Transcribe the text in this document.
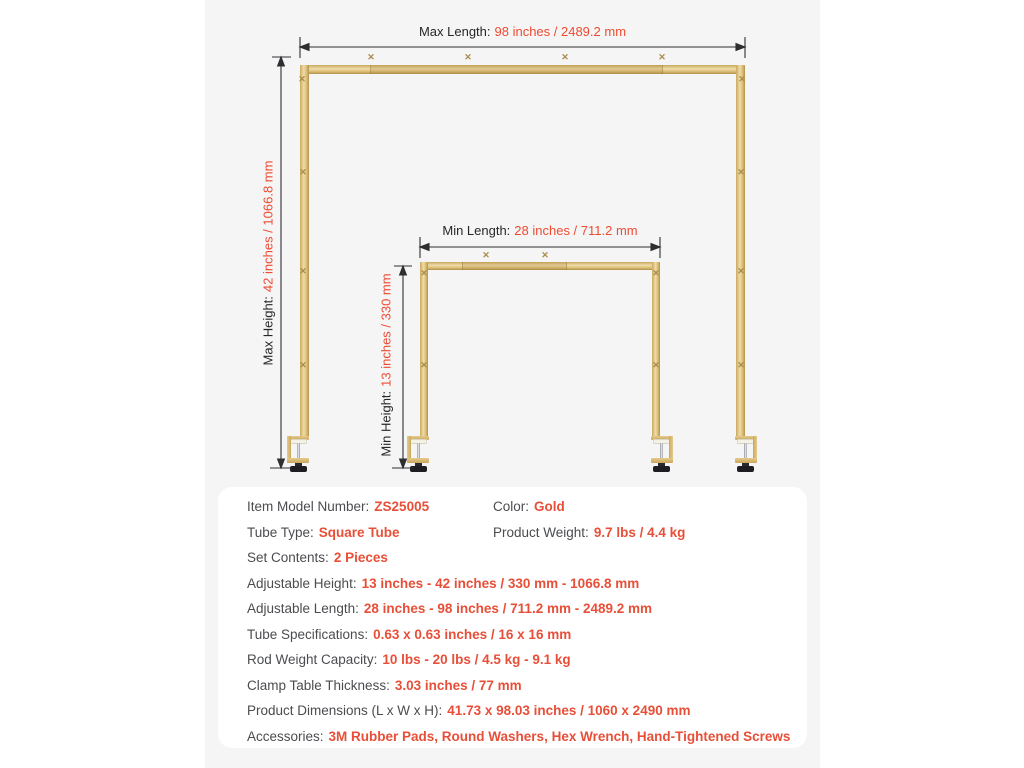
✕	✕	✕	✕
✕	✕
✕
✕
✕
✕
✕
✕
✕	✕
✕	✕
✕	✕
Max Length: 98 inches / 2489.2 mm
Max Height:42 inches / 1066.8 mm	Min Length: 28 inches / 711.2 mm
Min Height:13 inches / 330 mm
Item Model Number: ZS25005	Color: Gold
Tube Type: Square Tube	Product Weight: 9.7 lbs / 4.4 kg
Set Contents: 2 Pieces
Adjustable Height: 13 inches - 42 inches / 330 mm - 1066.8 mm
Adjustable Length: 28 inches - 98 inches / 711.2 mm - 2489.2 mm
Tube Specifications: 0.63 x 0.63 inches / 16 x 16 mm
Rod Weight Capacity: 10 lbs - 20 lbs / 4.5 kg - 9.1 kg
Clamp Table Thickness: 3.03 inches / 77 mm
Product Dimensions (L x W x H): 41.73 x 98.03 inches / 1060 x 2490 mm
Accessories: 3M Rubber Pads, Round Washers, Hex Wrench, Hand-Tightened Screws
